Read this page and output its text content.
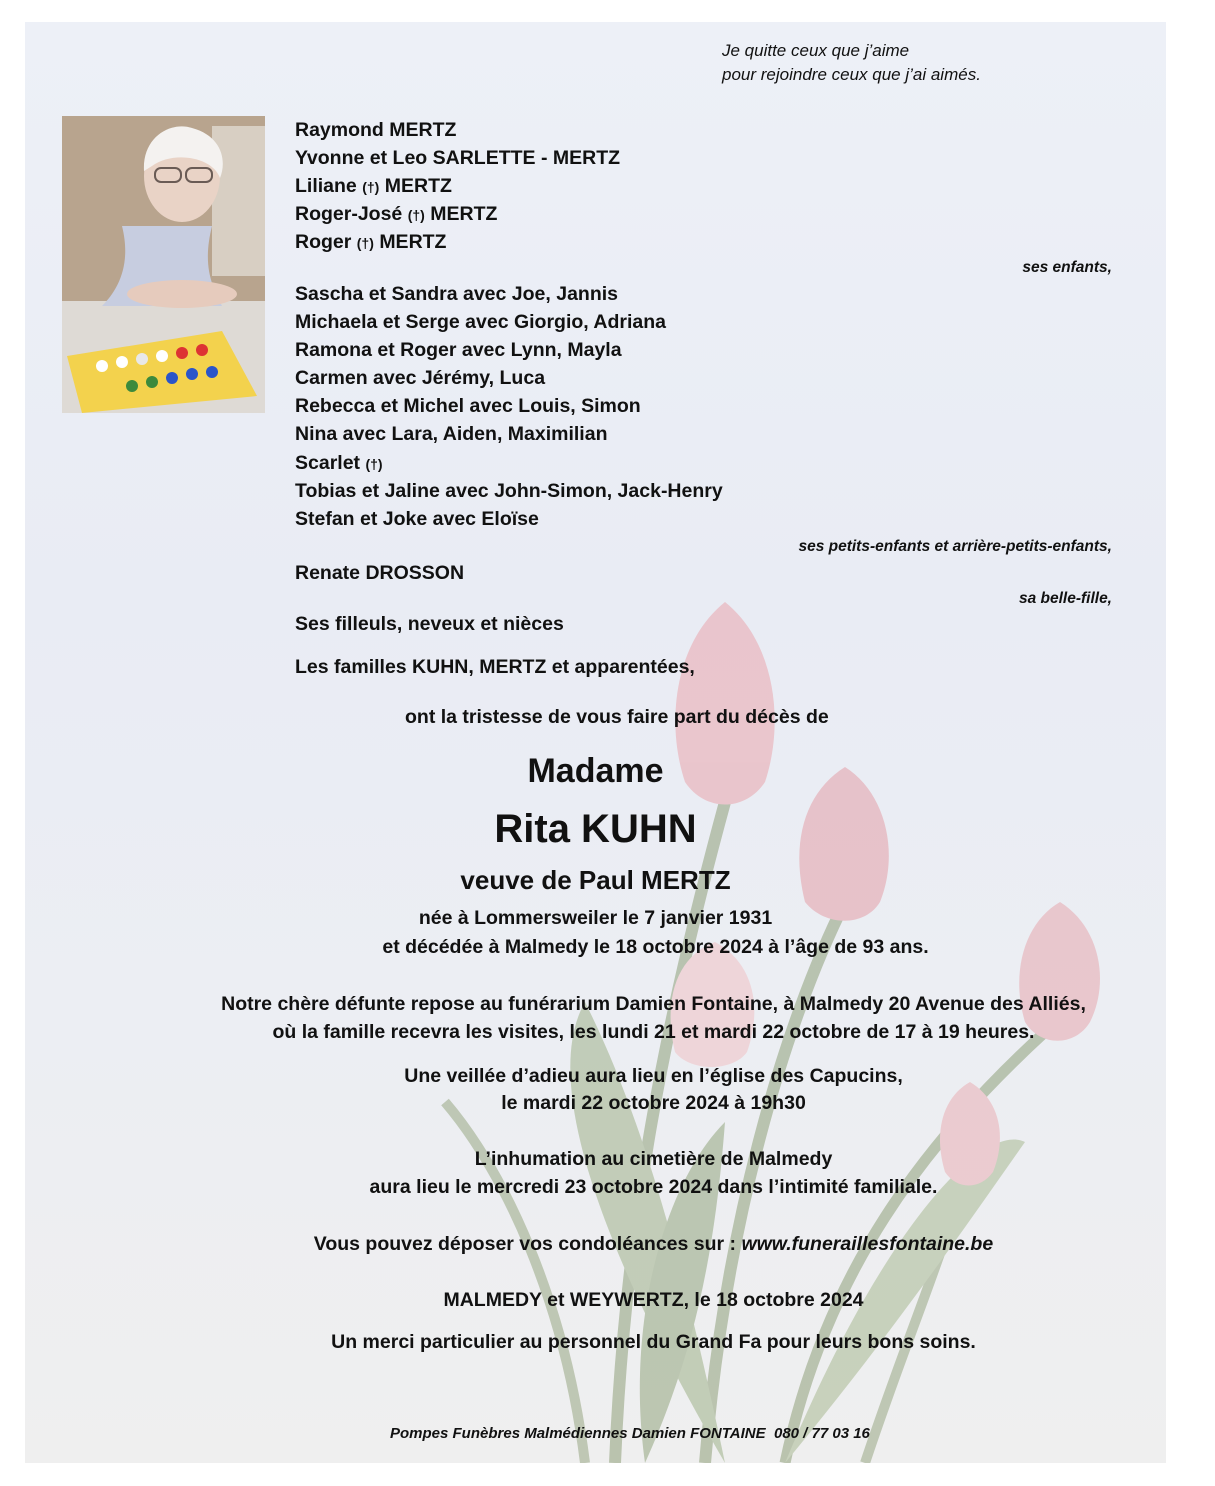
Je quitte ceux que j’aime
pour rejoindre ceux que j’ai aimés.
Raymond MERTZ
Yvonne et Leo SARLETTE - MERTZ
Liliane (†) MERTZ
Roger-José (†) MERTZ
Roger (†) MERTZ
ses enfants,
Sascha et Sandra avec Joe, Jannis
Michaela et Serge avec Giorgio, Adriana
Ramona et Roger avec Lynn, Mayla
Carmen avec Jérémy, Luca
Rebecca et Michel avec Louis, Simon
Nina avec Lara, Aiden, Maximilian
Scarlet (†)
Tobias et Jaline avec John-Simon, Jack-Henry
Stefan et Joke avec Eloïse
ses petits-enfants et arrière-petits-enfants,
Renate DROSSON
sa belle-fille,
Ses filleuls, neveux et nièces
Les familles KUHN, MERTZ et apparentées,
ont la tristesse de vous faire part du décès de
Madame
Rita KUHN
veuve de Paul MERTZ
née à Lommersweiler le 7 janvier 1931
et décédée à Malmedy le 18 octobre 2024 à l’âge de 93 ans.
Notre chère défunte repose au funérarium Damien Fontaine, à Malmedy 20 Avenue des Alliés,
où la famille recevra les visites, les lundi 21 et mardi 22 octobre de 17 à 19 heures.
Une veillée d’adieu aura lieu en l’église des Capucins,
le mardi 22 octobre 2024 à 19h30
L’inhumation au cimetière de Malmedy
aura lieu le mercredi 23 octobre 2024 dans l’intimité familiale.
Vous pouvez déposer vos condoléances sur : www.funeraillesfontaine.be
MALMEDY et WEYWERTZ, le 18 octobre 2024
Un merci particulier au personnel du Grand Fa pour leurs bons soins.
Pompes Funèbres Malmédiennes Damien FONTAINE 080 / 77 03 16
